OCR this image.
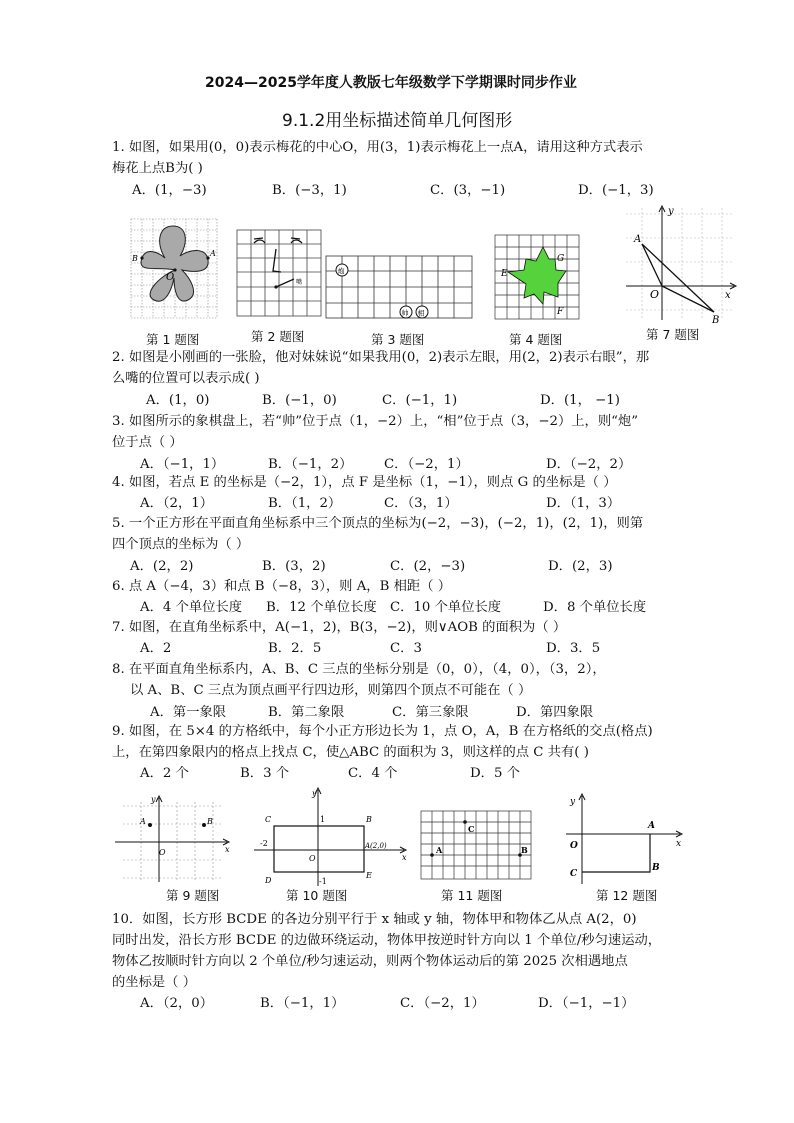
2024—2025学年度人教版七年级数学下学期课时同步作业
9.1.2用坐标描述简单几何图形
1. 如图，如果用(0，0)表示梅花的中心O，用(3，1)表示梅花上一点A，请用这种方式表示
梅花上点B为( )
A．(1，−3)	B．(−3，1)	C．(3，−1)	D．(−1，3)
O
A
B
第 1 题图
嘴
第 2 题图
炮
帅 相
第 3 题图
E
G
F
第 4 题图
y
x
A
O
B
第 7 题图
2. 如图是小刚画的一张脸，他对妹妹说“如果我用(0，2)表示左眼，用(2，2)表示右眼”，那
么嘴的位置可以表示成( )
A．(1，0)	B．(−1，0)	C．(−1，1)	D．(1， −1)
3. 如图所示的象棋盘上，若“帅”位于点（1，−2）上，“相”位于点（3，−2）上，则“炮”
位于点（ ）
A．（−1，1）	B．（−1，2） C．（−2，1）	D．（−2，2）
4. 如图，若点 E 的坐标是（−2，1），点 F 是坐标（1，−1），则点 G 的坐标是（ ）
A．（2，1）	B．（1，2）	C．（3，1）	D．（1，3）
5. 一个正方形在平面直角坐标系中三个顶点的坐标为(−2，−3)，(−2，1)，(2，1)，则第
四个顶点的坐标为（ ）
A．(2，2)	B．(3，2)	C．(2，−3)	D．(2，3)
6. 点 A（−4，3）和点 B（−8，3），则 A，B 相距（ ）
A．4 个单位长度 B．12 个单位长度 C．10 个单位长度	D．8 个单位长度
7. 如图，在直角坐标系中，A(−1，2)，B(3，−2)，则∨AOB 的面积为（ ）
A．2	B．2．5	C．3	D．3．5
8. 在平面直角坐标系内，A、B、C 三点的坐标分别是（0，0），（4，0），（3，2），
以 A、B、C 三点为顶点画平行四边形，则第四个顶点不可能在（ ）
A．第一象限	B．第二象限	C．第三象限	D．第四象限
9. 如图，在 5×4 的方格纸中，每个小正方形边长为 1，点 O，A，B 在方格纸的交点(格点)
上，在第四象限内的格点上找点 C，使△ABC 的面积为 3，则这样的点 C 共有( )
A．2 个	B．3 个	C．4 个	D．5 个
A	B
O
y
x
第 9 题图
y
x
1
-2
C	B
A(2,0)
O
D
E
-1
第 10 题图
C
A	B
第 11 题图
y
x
O
A
C
B
第 12 题图
10．如图，长方形 BCDE 的各边分别平行于 x 轴或 y 轴，物体甲和物体乙从点 A(2，0)
同时出发，沿长方形 BCDE 的边做环绕运动，物体甲按逆时针方向以 1 个单位/秒匀速运动，
物体乙按顺时针方向以 2 个单位/秒匀速运动，则两个物体运动后的第 2025 次相遇地点
的坐标是（ ）
A．（2，0）	B．（−1，1）	C．（−2，1）	D．（−1，−1）
